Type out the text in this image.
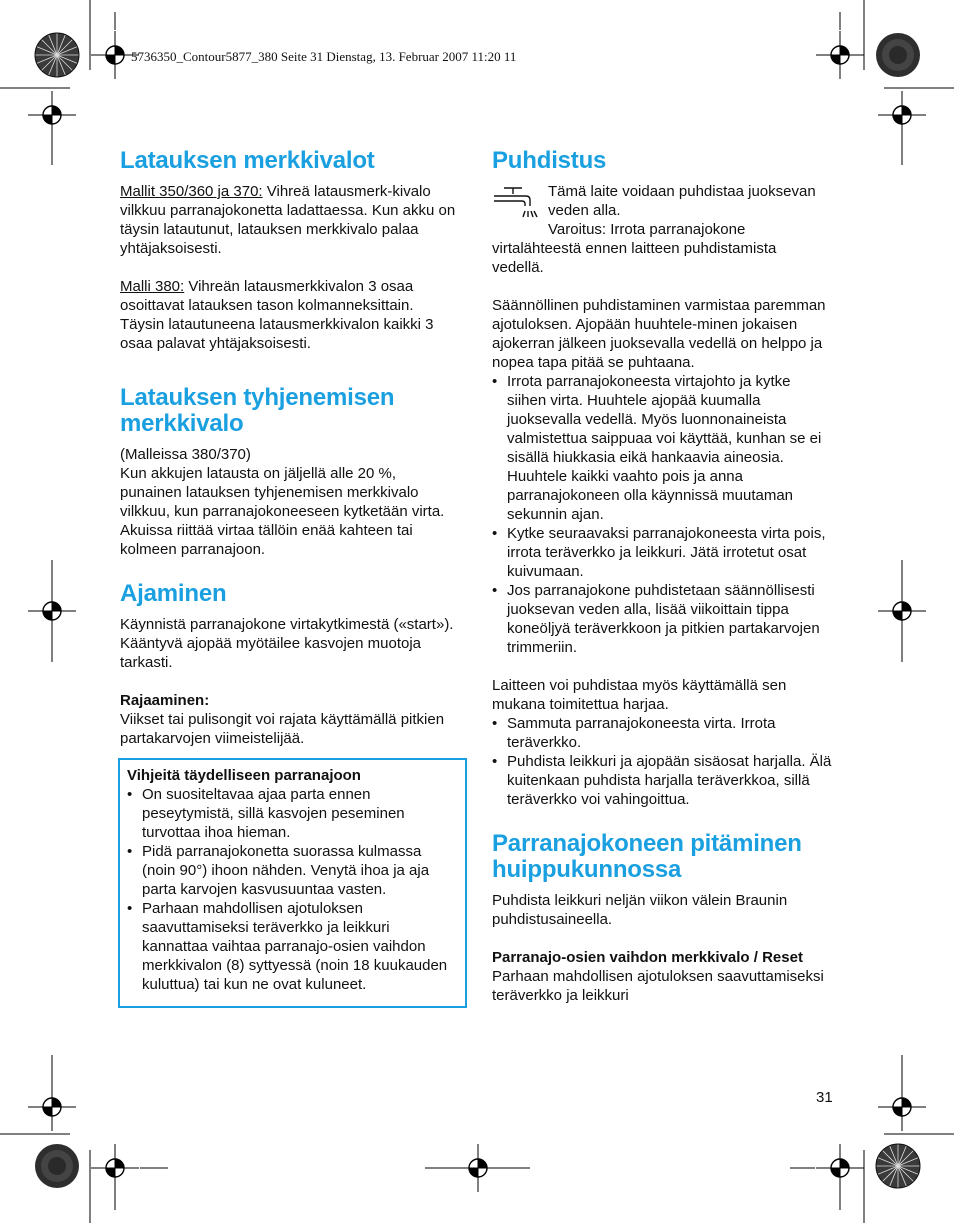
5736350_Contour5877_380 Seite 31 Dienstag, 13. Februar 2007 11:20 11
Latauksen merkkivalot

Mallit 350/360 ja 370: Vihreä latausmerk-kivalo vilkkuu parranajokonetta ladattaessa. Kun akku on täysin latautunut, latauksen merkkivalo palaa yhtäjaksoisesti.

Malli 380: Vihreän latausmerkkivalon 3 osaa osoittavat latauksen tason kolmanneksittain. Täysin latautuneena latausmerkkivalon kaikki 3 osaa palavat yhtäjaksoisesti.

Latauksen tyhjenemisen merkkivalo

(Malleissa 380/370)

Kun akkujen latausta on jäljellä alle 20 %, punainen latauksen tyhjenemisen merkkivalo vilkkuu, kun parranajokoneeseen kytketään virta. Akuissa riittää virtaa tällöin enää kahteen tai kolmeen parranajoon.

Ajaminen

Käynnistä parranajokone virtakytkimestä («start»).

Kääntyvä ajopää myötäilee kasvojen muotoja tarkasti.

Rajaaminen:

Viikset tai pulisongit voi rajata käyttämällä pitkien partakarvojen viimeistelijää.

Vihjeitä täydelliseen parranajoon

• On suositeltavaa ajaa parta ennen peseytymistä, sillä kasvojen peseminen turvottaa ihoa hieman.
• Pidä parranajokonetta suorassa kulmassa (noin 90°) ihoon nähden. Venytä ihoa ja aja parta karvojen kasvusuuntaa vasten.
• Parhaan mahdollisen ajotuloksen saavuttamiseksi teräverkko ja leikkuri kannattaa vaihtaa parranajo-osien vaihdon merkkivalon (8) syttyessä (noin 18 kuukauden kuluttua) tai kun ne ovat kuluneet.
Puhdistus

Tämä laite voidaan puhdistaa juoksevan veden alla.

Varoitus: Irrota parranajokone virtalähteestä ennen laitteen puhdistamista vedellä.

Säännöllinen puhdistaminen varmistaa paremman ajotuloksen. Ajopään huuhtele-minen jokaisen ajokerran jälkeen juoksevalla vedellä on helppo ja nopea tapa pitää se puhtaana.

• Irrota parranajokoneesta virtajohto ja kytke siihen virta. Huuhtele ajopää kuumalla juoksevalla vedellä. Myös luonnonaineista valmistettua saippuaa voi käyttää, kunhan se ei sisällä hiukkasia eikä hankaavia aineosia. Huuhtele kaikki vaahto pois ja anna parranajokoneen olla käynnissä muutaman sekunnin ajan.
• Kytke seuraavaksi parranajokoneesta virta pois, irrota teräverkko ja leikkuri. Jätä irrotetut osat kuivumaan.
• Jos parranajokone puhdistetaan säännöllisesti juoksevan veden alla, lisää viikoittain tippa koneöljyä teräverkkoon ja pitkien partakarvojen trimmeriin.

Laitteen voi puhdistaa myös käyttämällä sen mukana toimitettua harjaa.

• Sammuta parranajokoneesta virta. Irrota teräverkko.
• Puhdista leikkuri ja ajopään sisäosat harjalla. Älä kuitenkaan puhdista harjalla teräverkkoa, sillä teräverkko voi vahingoittua.
Parranajokoneen pitäminen huippukunnossa

Puhdista leikkuri neljän viikon välein Braunin puhdistusaineella.

Parranajo-osien vaihdon merkkivalo / Reset

Parhaan mahdollisen ajotuloksen saavuttamiseksi teräverkko ja leikkuri

31
